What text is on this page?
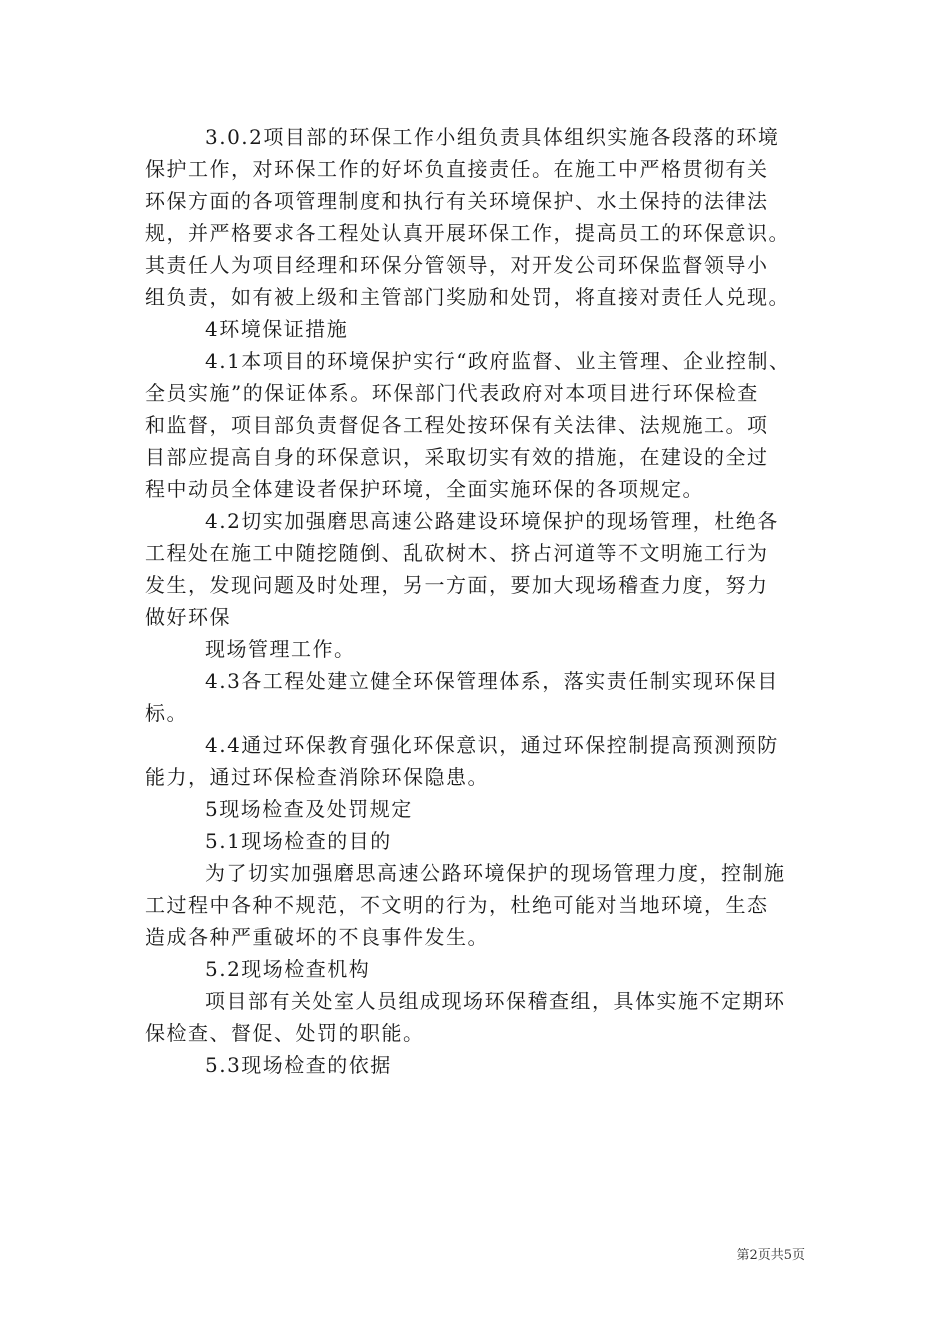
3.0.2项目部的环保工作小组负责具体组织实施各段落的环境
保护工作，对环保工作的好坏负直接责任。在施工中严格贯彻有关
环保方面的各项管理制度和执行有关环境保护、水土保持的法律法
规，并严格要求各工程处认真开展环保工作，提高员工的环保意识。
其责任人为项目经理和环保分管领导，对开发公司环保监督领导小
组负责，如有被上级和主管部门奖励和处罚，将直接对责任人兑现。
4环境保证措施
4.1本项目的环境保护实行“政府监督、业主管理、企业控制、
全员实施”的保证体系。环保部门代表政府对本项目进行环保检查
和监督，项目部负责督促各工程处按环保有关法律、法规施工。项
目部应提高自身的环保意识，采取切实有效的措施，在建设的全过
程中动员全体建设者保护环境，全面实施环保的各项规定。
4.2切实加强磨思高速公路建设环境保护的现场管理，杜绝各
工程处在施工中随挖随倒、乱砍树木、挤占河道等不文明施工行为
发生，发现问题及时处理，另一方面，要加大现场稽查力度，努力
做好环保
现场管理工作。
4.3各工程处建立健全环保管理体系，落实责任制实现环保目
标。
4.4通过环保教育强化环保意识，通过环保控制提高预测预防
能力，通过环保检查消除环保隐患。
5现场检查及处罚规定
5.1现场检查的目的
为了切实加强磨思高速公路环境保护的现场管理力度，控制施
工过程中各种不规范，不文明的行为，杜绝可能对当地环境，生态
造成各种严重破坏的不良事件发生。
5.2现场检查机构
项目部有关处室人员组成现场环保稽查组，具体实施不定期环
保检查、督促、处罚的职能。
5.3现场检查的依据
第2页共5页
